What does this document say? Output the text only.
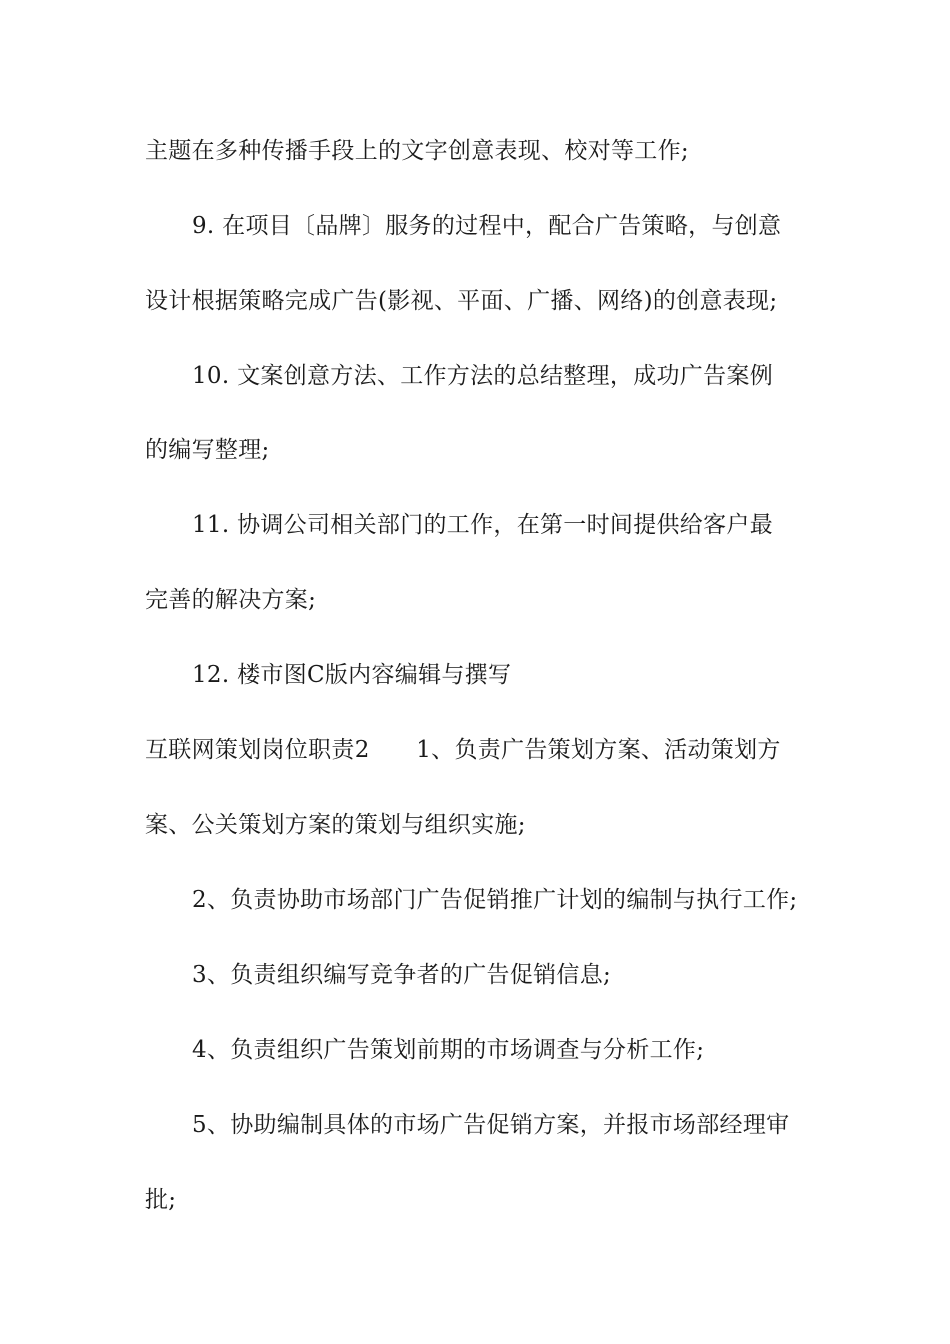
主题在多种传播手段上的文字创意表现、校对等工作;
9. 在项目〔品牌〕服务的过程中，配合广告策略，与创意
设计根据策略完成广告(影视、平面、广播、网络)的创意表现;
10. 文案创意方法、工作方法的总结整理，成功广告案例
的编写整理;
11. 协调公司相关部门的工作，在第一时间提供给客户最
完善的解决方案;
12. 楼市图C版内容编辑与撰写
互联网策划岗位职责2　　1、负责广告策划方案、活动策划方
案、公关策划方案的策划与组织实施;
2、负责协助市场部门广告促销推广计划的编制与执行工作;
3、负责组织编写竞争者的广告促销信息;
4、负责组织广告策划前期的市场调查与分析工作;
5、协助编制具体的市场广告促销方案，并报市场部经理审
批;
